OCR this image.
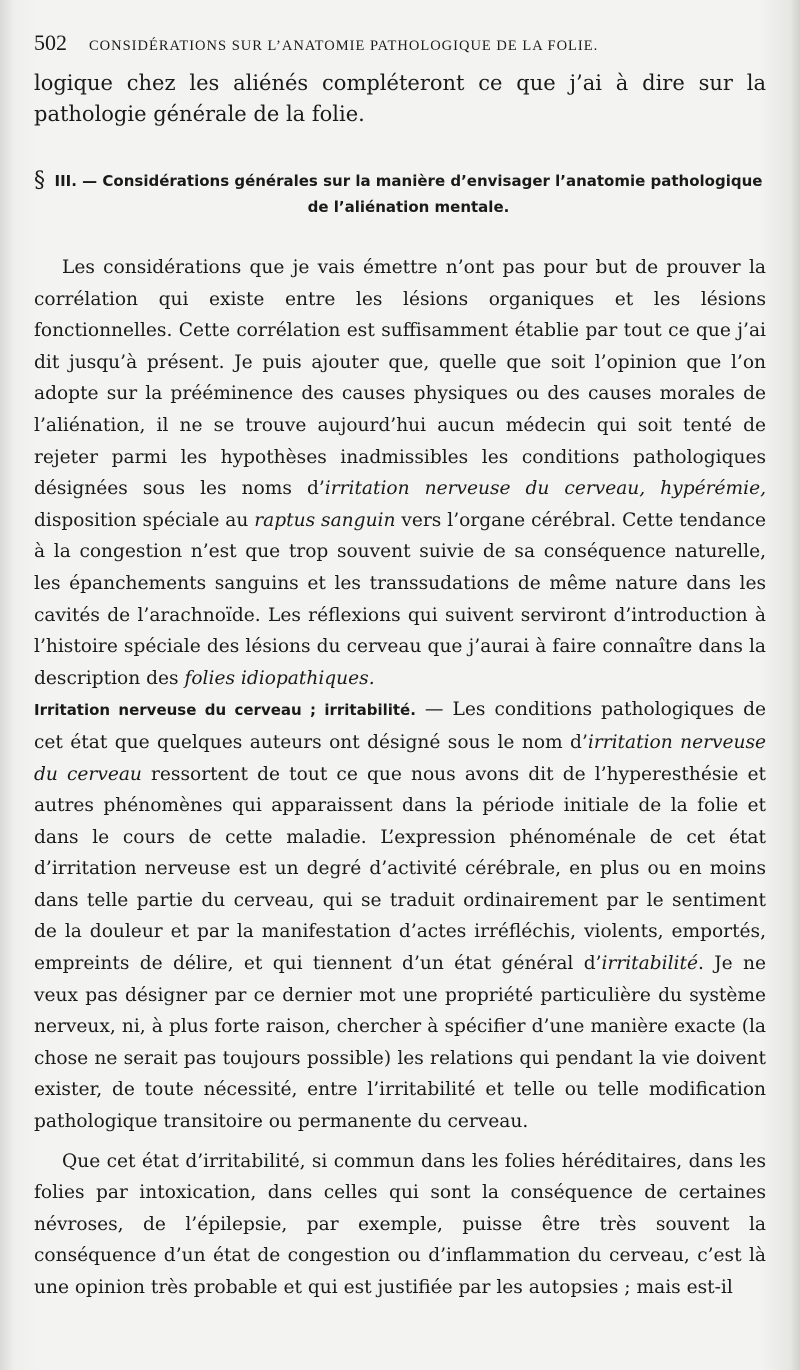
502 CONSIDÉRATIONS SUR L’ANATOMIE PATHOLOGIQUE DE LA FOLIE.

logique chez les aliénés compléteront ce que j’ai à dire sur la pathologie générale de la folie.

§ III. — Considérations générales sur la manière d’envisager l’anatomie pathologique de l’aliénation mentale.

Les considérations que je vais émettre n’ont pas pour but de prouver la corrélation qui existe entre les lésions organiques et les lésions fonctionnelles. Cette corrélation est suffisamment établie par tout ce que j’ai dit jusqu’à présent. Je puis ajouter que, quelle que soit l’opinion que l’on adopte sur la prééminence des causes physiques ou des causes morales de l’aliénation, il ne se trouve aujourd’hui aucun médecin qui soit tenté de rejeter parmi les hypothèses inadmissibles les conditions pathologiques désignées sous les noms d’irritation nerveuse du cerveau, hypérémie, disposition spéciale au raptus sanguin vers l’organe cérébral. Cette tendance à la congestion n’est que trop souvent suivie de sa conséquence naturelle, les épanchements sanguins et les transsudations de même nature dans les cavités de l’arachnoïde. Les réflexions qui suivent serviront d’introduction à l’histoire spéciale des lésions du cerveau que j’aurai à faire connaître dans la description des folies idiopathiques.

Irritation nerveuse du cerveau ; irritabilité. — Les conditions pathologiques de cet état que quelques auteurs ont désigné sous le nom d’irritation nerveuse du cerveau ressortent de tout ce que nous avons dit de l’hyperesthésie et autres phénomènes qui apparaissent dans la période initiale de la folie et dans le cours de cette maladie. L’expression phénoménale de cet état d’irritation nerveuse est un degré d’activité cérébrale, en plus ou en moins dans telle partie du cerveau, qui se traduit ordinairement par le sentiment de la douleur et par la manifestation d’actes irréfléchis, violents, emportés, empreints de délire, et qui tiennent d’un état général d’irritabilité. Je ne veux pas désigner par ce dernier mot une propriété particulière du système nerveux, ni, à plus forte raison, chercher à spécifier d’une manière exacte (la chose ne serait pas toujours possible) les relations qui pendant la vie doivent exister, de toute nécessité, entre l’irritabilité et telle ou telle modification pathologique transitoire ou permanente du cerveau.

Que cet état d’irritabilité, si commun dans les folies héréditaires, dans les folies par intoxication, dans celles qui sont la conséquence de certaines névroses, de l’épilepsie, par exemple, puisse être très souvent la conséquence d’un état de congestion ou d’inflammation du cerveau, c’est là une opinion très probable et qui est justifiée par les autopsies ; mais est-il
